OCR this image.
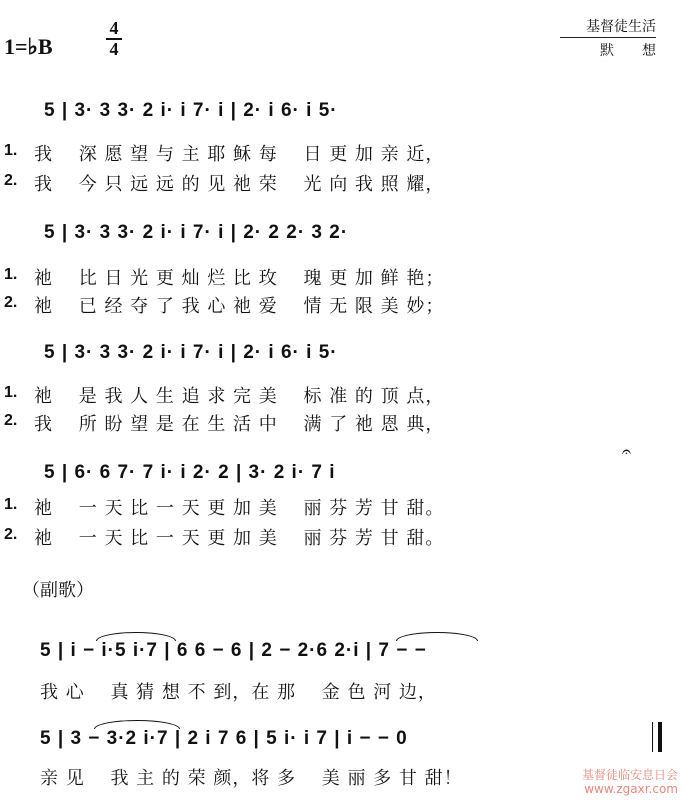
1=♭B
4
4
基督徒生活
默　　想
5 | 3· 3 3· 2 i· i 7· i | 2· i 6· i 5·
1. 我　 深 愿 望 与 主 耶 稣 每　 日 更 加 亲 近，
2. 我　 今 只 远 远 的 见 祂 荣　 光 向 我 照 耀，
5 | 3· 3 3· 2 i· i 7· i | 2· 2 2· 3 2·
1. 祂　 比 日 光 更 灿 烂 比 玫　 瑰 更 加 鲜 艳；
2. 祂　 已 经 夺 了 我 心 祂 爱　 情 无 限 美 妙；
5 | 3· 3 3· 2 i· i 7· i | 2· i 6· i 5·
1. 祂　 是 我 人 生 追 求 完 美　 标 准 的 顶 点，
2. 我　 所 盼 望 是 在 生 活 中　 满 了 祂 恩 典，
𝄐
5 | 6· 6 7· 7 i· i 2· 2 | 3· 2 i· 7 i
1. 祂　 一 天 比 一 天 更 加 美　 丽 芬 芳 甘 甜。
2. 祂　 一 天 比 一 天 更 加 美　 丽 芬 芳 甘 甜。
（副歌）
5 | i − i·5 i·7 | 6 6 − 6 | 2 − 2·6 2·i | 7 − −
我 心　 真 猜 想 不 到，在 那　 金 色 河 边，
5 | 3 − 3·2 i·7 | 2 i 7 6 | 5 i· i 7 | i − − 0
亲 见　 我 主 的 荣 颜，将 多　 美 丽 多 甘 甜！	基督徒临安息日会
www.zgaxr.com
